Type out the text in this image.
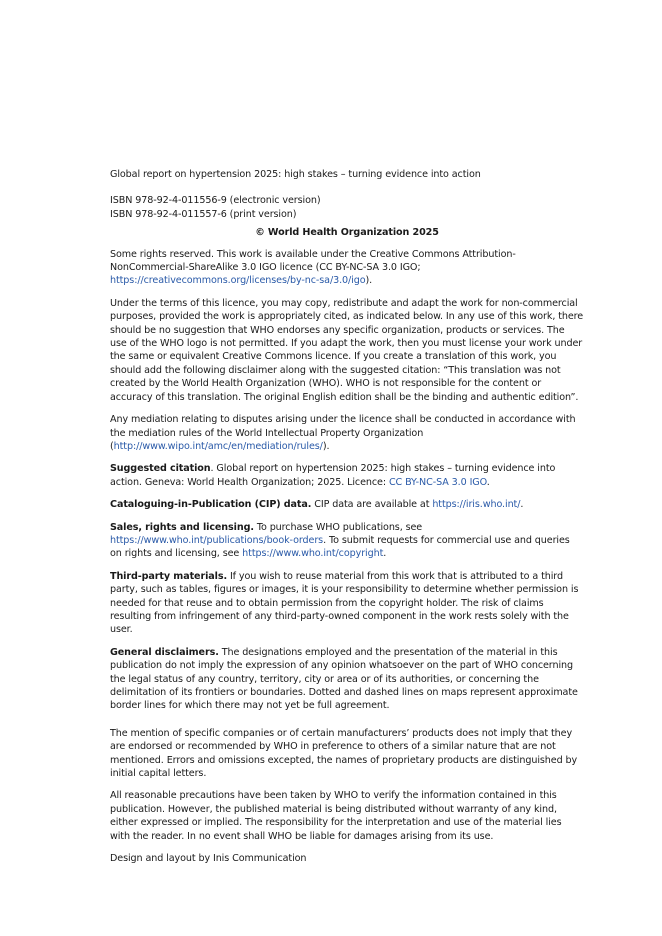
Global report on hypertension 2025: high stakes – turning evidence into action

ISBN 978-92-4-011556-9 (electronic version)

ISBN 978-92-4-011557-6 (print version)

© World Health Organization 2025

Some rights reserved. This work is available under the Creative Commons Attribution-NonCommercial-ShareAlike 3.0 IGO licence (CC BY-NC-SA 3.0 IGO; https://creativecommons.org/licenses/by-nc-sa/3.0/igo).

Under the terms of this licence, you may copy, redistribute and adapt the work for non-commercial purposes, provided the work is appropriately cited, as indicated below. In any use of this work, there should be no suggestion that WHO endorses any specific organization, products or services. The use of the WHO logo is not permitted. If you adapt the work, then you must license your work under the same or equivalent Creative Commons licence. If you create a translation of this work, you should add the following disclaimer along with the suggested citation: “This translation was not created by the World Health Organization (WHO). WHO is not responsible for the content or accuracy of this translation. The original English edition shall be the binding and authentic edition”.

Any mediation relating to disputes arising under the licence shall be conducted in accordance with the mediation rules of the World Intellectual Property Organization (http://www.wipo.int/amc/en/mediation/rules/).

Suggested citation. Global report on hypertension 2025: high stakes – turning evidence into action. Geneva: World Health Organization; 2025. Licence: CC BY-NC-SA 3.0 IGO.

Cataloguing-in-Publication (CIP) data. CIP data are available at https://iris.who.int/.

Sales, rights and licensing. To purchase WHO publications, see https://www.who.int/publications/book-orders. To submit requests for commercial use and queries on rights and licensing, see https://www.who.int/copyright.

Third-party materials. If you wish to reuse material from this work that is attributed to a third party, such as tables, figures or images, it is your responsibility to determine whether permission is needed for that reuse and to obtain permission from the copyright holder. The risk of claims resulting from infringement of any third-party-owned component in the work rests solely with the user.

General disclaimers. The designations employed and the presentation of the material in this publication do not imply the expression of any opinion whatsoever on the part of WHO concerning the legal status of any country, territory, city or area or of its authorities, or concerning the delimitation of its frontiers or boundaries. Dotted and dashed lines on maps represent approximate border lines for which there may not yet be full agreement.

The mention of specific companies or of certain manufacturers’ products does not imply that they are endorsed or recommended by WHO in preference to others of a similar nature that are not mentioned. Errors and omissions excepted, the names of proprietary products are distinguished by initial capital letters.

All reasonable precautions have been taken by WHO to verify the information contained in this publication. However, the published material is being distributed without warranty of any kind, either expressed or implied. The responsibility for the interpretation and use of the material lies with the reader. In no event shall WHO be liable for damages arising from its use.

Design and layout by Inis Communication
